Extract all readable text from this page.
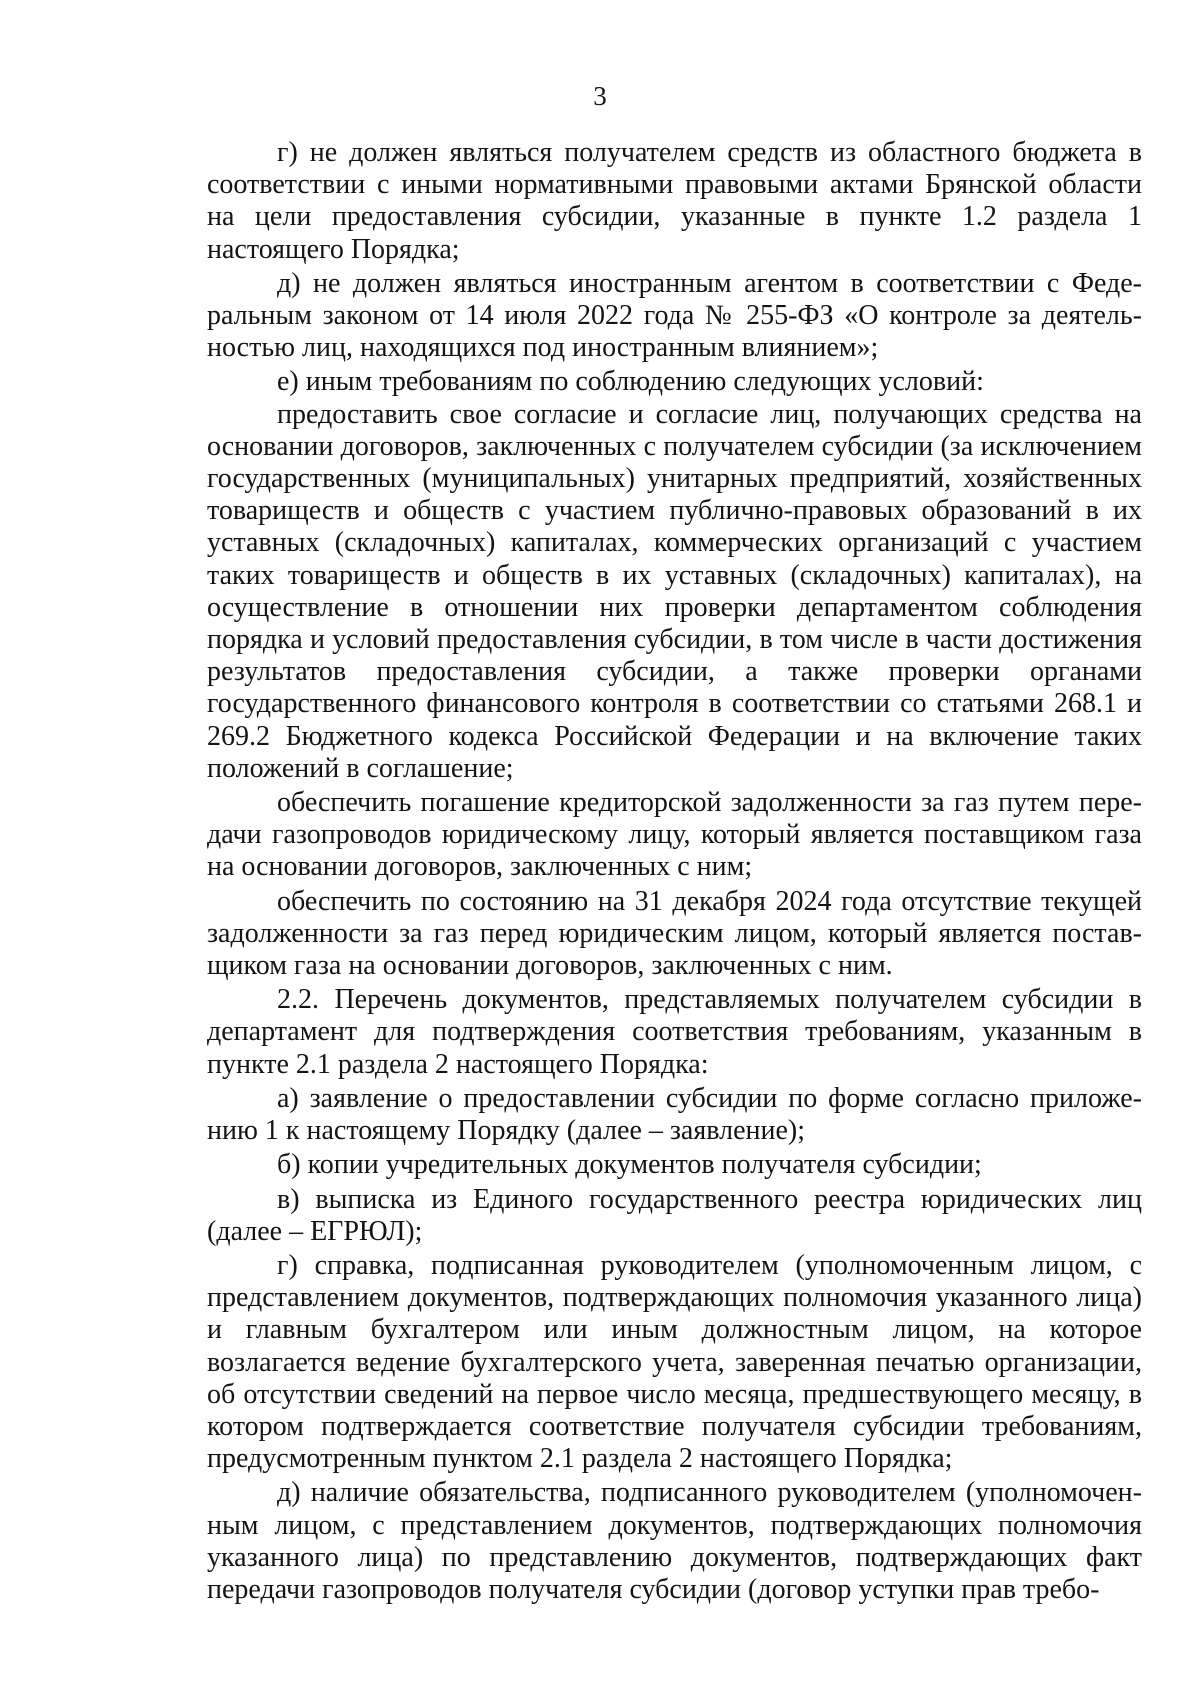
3

г) не должен являться получателем средств из областного бюджета в соответствии с иными нормативными правовыми актами Брянской области на цели предоставления субсидии, указанные в пункте 1.2 раздела 1 настоящего Порядка;

д) не должен являться иностранным агентом в соответствии с Федеральным законом от 14 июля 2022 года № 255-ФЗ «О контроле за деятельностью лиц, находящихся под иностранным влиянием»;

е) иным требованиям по соблюдению следующих условий:

предоставить свое согласие и согласие лиц, получающих средства на основании договоров, заключенных с получателем субсидии (за исключением государственных (муниципальных) унитарных предприятий, хозяйственных товариществ и обществ с участием публично-правовых образований в их уставных (складочных) капиталах, коммерческих организаций с участием таких товариществ и обществ в их уставных (складочных) капиталах), на осуществление в отношении них проверки департаментом соблюдения порядка и условий предоставления субсидии, в том числе в части достижения результатов предоставления субсидии, а также проверки органами государственного финансового контроля в соответствии со статьями 268.1 и 269.2 Бюджетного кодекса Российской Федерации и на включение таких положений в соглашение;

обеспечить погашение кредиторской задолженности за газ путем передачи газопроводов юридическому лицу, который является поставщиком газа на основании договоров, заключенных с ним;

обеспечить по состоянию на 31 декабря 2024 года отсутствие текущей задолженности за газ перед юридическим лицом, который является поставщиком газа на основании договоров, заключенных с ним.

2.2. Перечень документов, представляемых получателем субсидии в департамент для подтверждения соответствия требованиям, указанным в пункте 2.1 раздела 2 настоящего Порядка:

а) заявление о предоставлении субсидии по форме согласно приложению 1 к настоящему Порядку (далее – заявление);

б) копии учредительных документов получателя субсидии;

в) выписка из Единого государственного реестра юридических лиц (далее – ЕГРЮЛ);

г) справка, подписанная руководителем (уполномоченным лицом, с представлением документов, подтверждающих полномочия указанного лица) и главным бухгалтером или иным должностным лицом, на которое возлагается ведение бухгалтерского учета, заверенная печатью организации, об отсутствии сведений на первое число месяца, предшествующего месяцу, в котором подтверждается соответствие получателя субсидии требованиям, предусмотренным пунктом 2.1 раздела 2 настоящего Порядка;

д) наличие обязательства, подписанного руководителем (уполномоченным лицом, с представлением документов, подтверждающих полномочия указанного лица) по представлению документов, подтверждающих факт передачи газопроводов получателя субсидии (договор уступки прав требо-
